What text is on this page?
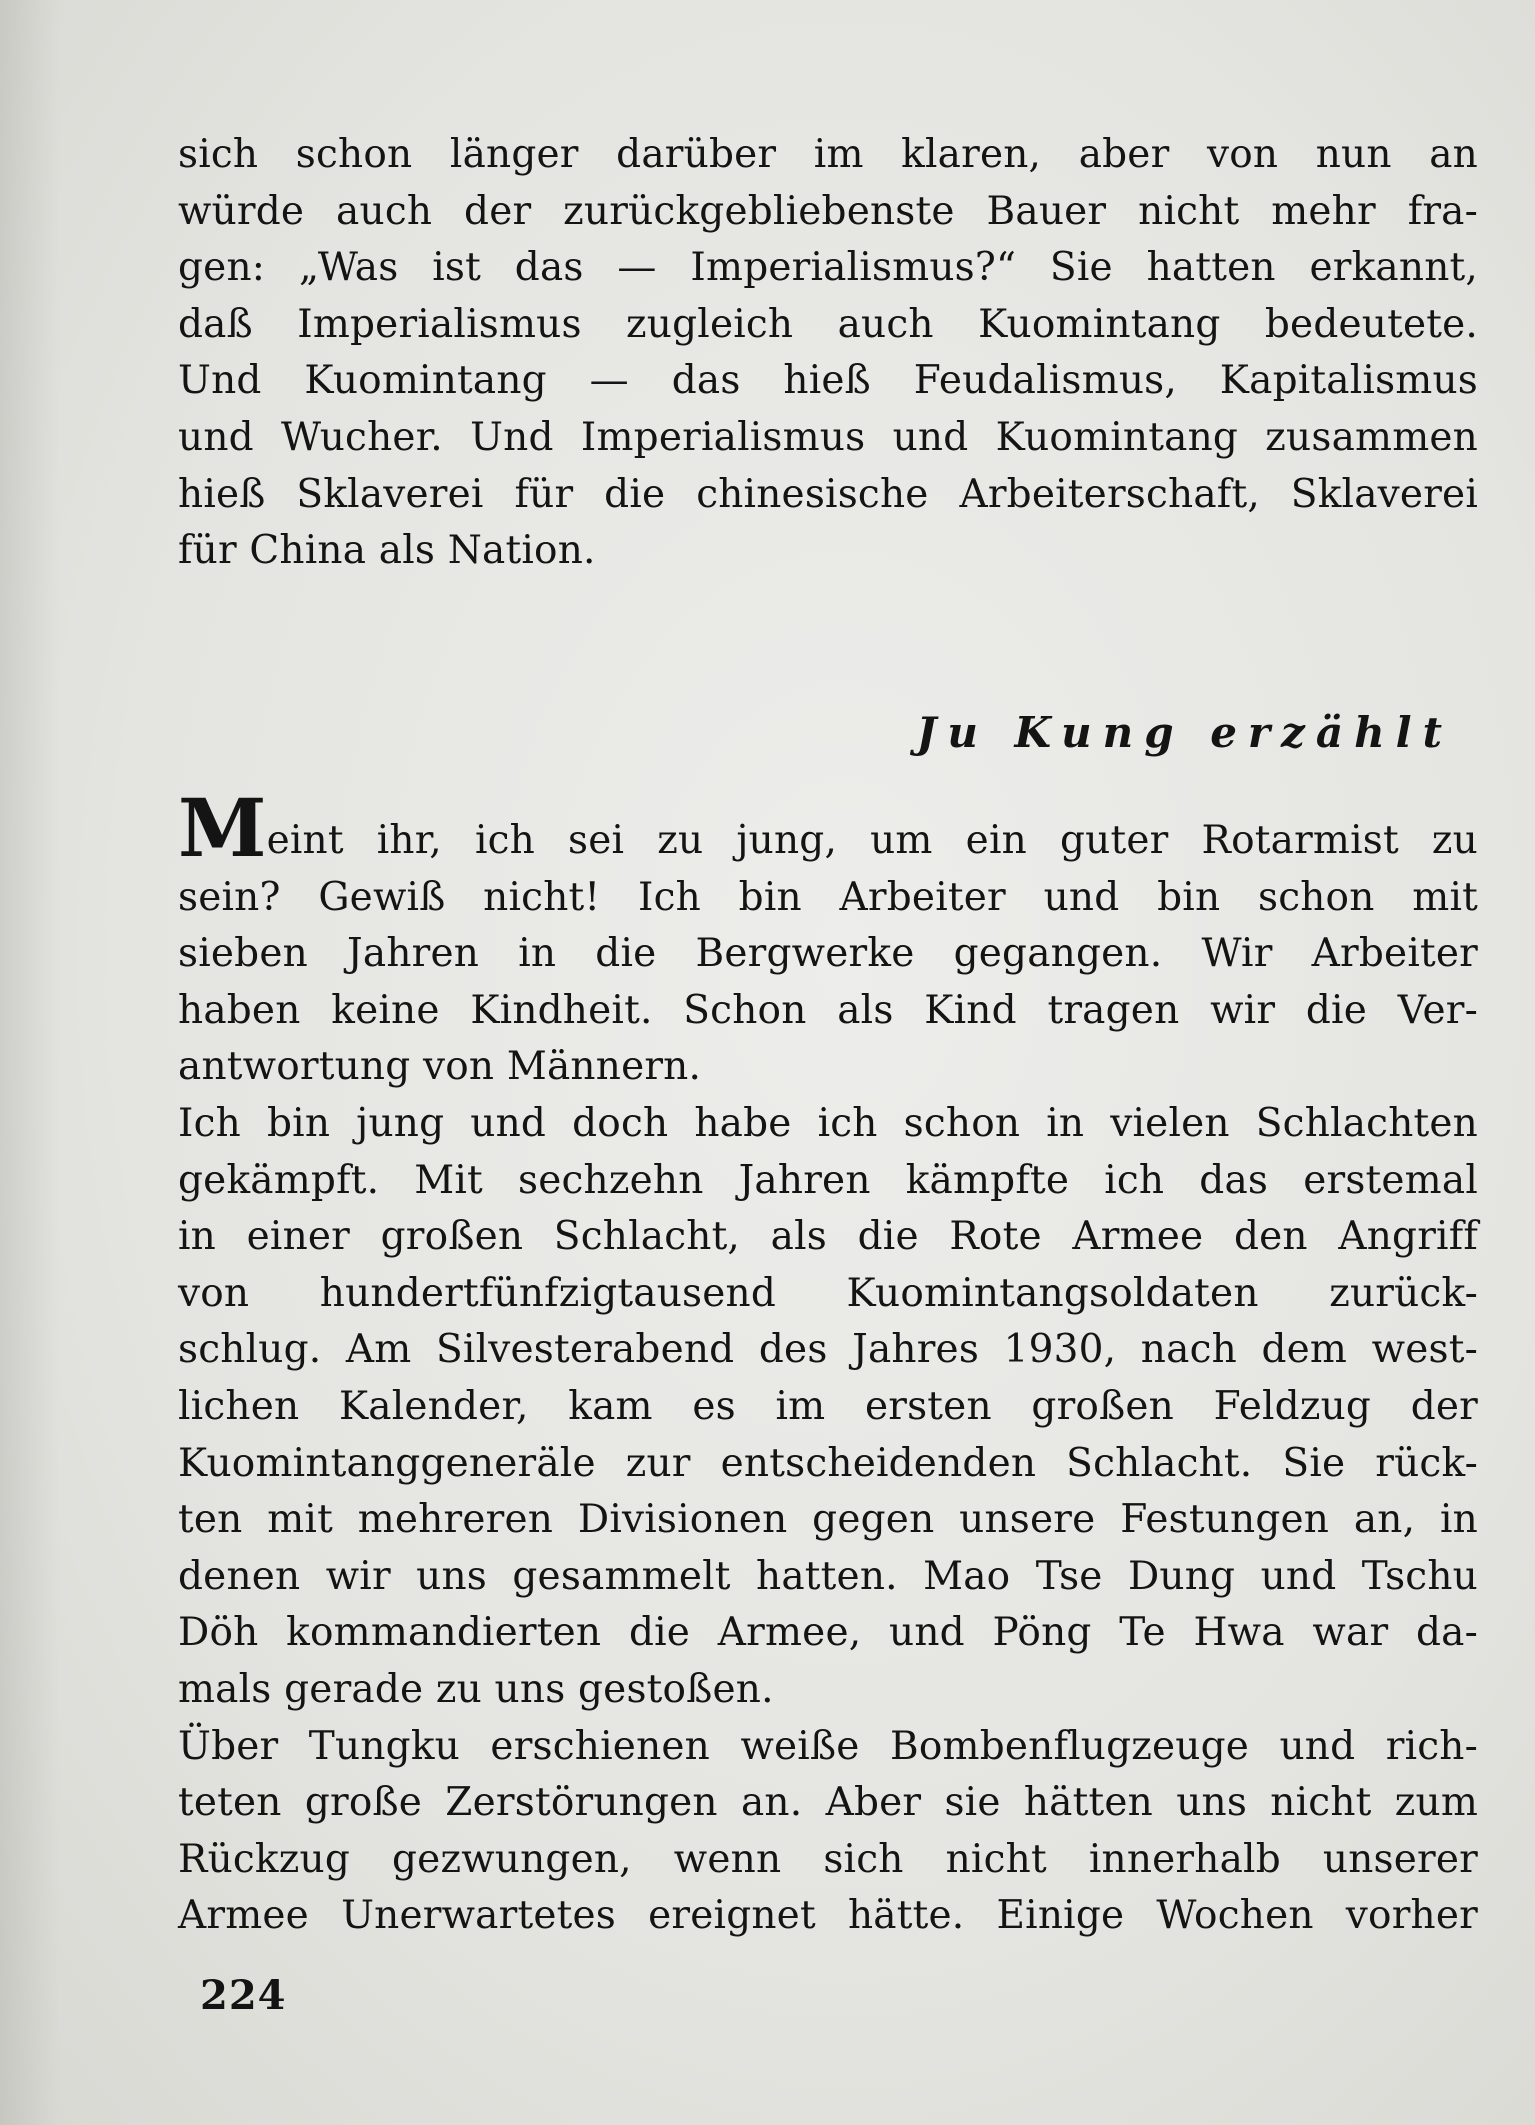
sich schon länger darüber im klaren, aber von nun an
würde auch der zurückgebliebenste Bauer nicht mehr fra-
gen: „Was ist das — Imperialismus?“ Sie hatten erkannt,
daß Imperialismus zugleich auch Kuomintang bedeutete.
Und Kuomintang — das hieß Feudalismus, Kapitalismus
und Wucher. Und Imperialismus und Kuomintang zusammen
hieß Sklaverei für die chinesische Arbeiterschaft, Sklaverei
für China als Nation.
Ju Kung erzählt
Meint ihr, ich sei zu jung, um ein guter Rotarmist zu
sein? Gewiß nicht! Ich bin Arbeiter und bin schon mit
sieben Jahren in die Bergwerke gegangen. Wir Arbeiter
haben keine Kindheit. Schon als Kind tragen wir die Ver-
antwortung von Männern.
Ich bin jung und doch habe ich schon in vielen Schlachten
gekämpft. Mit sechzehn Jahren kämpfte ich das erstemal
in einer großen Schlacht, als die Rote Armee den Angriff
von hundertfünfzigtausend Kuomintangsoldaten zurück-
schlug. Am Silvesterabend des Jahres 1930, nach dem west-
lichen Kalender, kam es im ersten großen Feldzug der
Kuomintanggeneräle zur entscheidenden Schlacht. Sie rück-
ten mit mehreren Divisionen gegen unsere Festungen an, in
denen wir uns gesammelt hatten. Mao Tse Dung und Tschu
Döh kommandierten die Armee, und Pöng Te Hwa war da-
mals gerade zu uns gestoßen.
Über Tungku erschienen weiße Bombenflugzeuge und rich-
teten große Zerstörungen an. Aber sie hätten uns nicht zum
Rückzug gezwungen, wenn sich nicht innerhalb unserer
Armee Unerwartetes ereignet hätte. Einige Wochen vorher
224
